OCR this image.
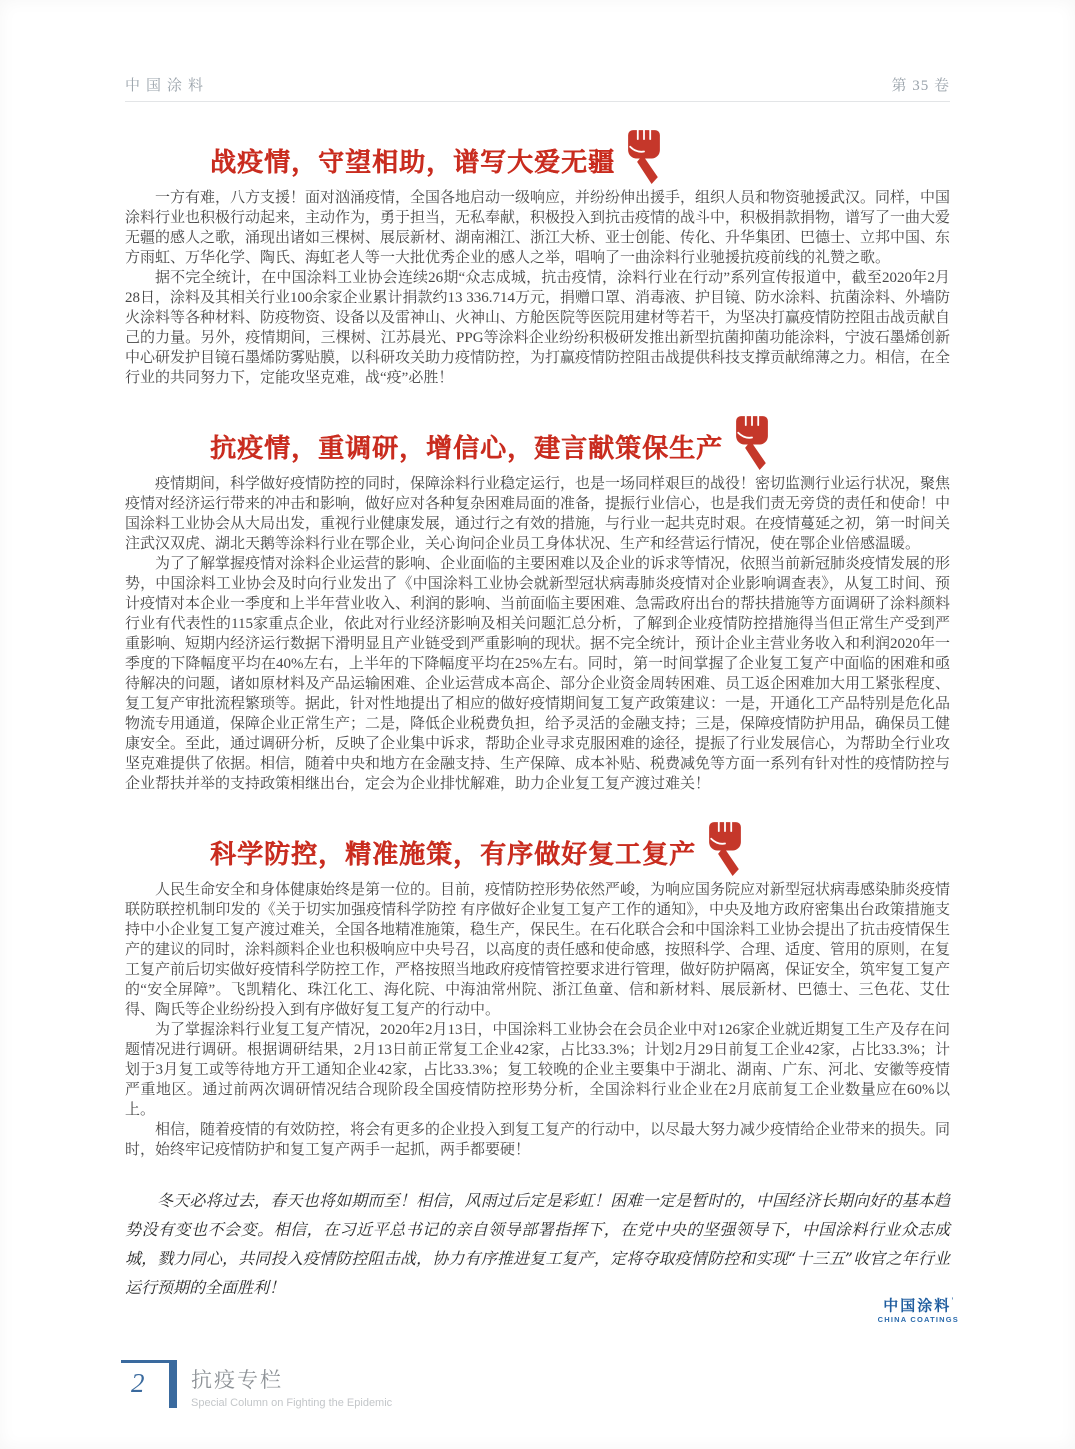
中国涂料	第 35 卷
战疫情，守望相助，谱写大爱无疆

一方有难，八方支援！面对汹涌疫情，全国各地启动一级响应，并纷纷伸出援手，组织人员和物资驰援武汉。同样，中国涂料行业也积极行动起来，主动作为，勇于担当，无私奉献，积极投入到抗击疫情的战斗中，积极捐款捐物，谱写了一曲大爱无疆的感人之歌，涌现出诸如三棵树、展辰新材、湖南湘江、浙江大桥、亚士创能、传化、升华集团、巴德士、立邦中国、东方雨虹、万华化学、陶氏、海虹老人等一大批优秀企业的感人之举，唱响了一曲涂料行业驰援抗疫前线的礼赞之歌。

据不完全统计，在中国涂料工业协会连续26期“众志成城，抗击疫情，涂料行业在行动”系列宣传报道中，截至2020年2月28日，涂料及其相关行业100余家企业累计捐款约13 336.714万元，捐赠口罩、消毒液、护目镜、防水涂料、抗菌涂料、外墙防火涂料等各种材料、防疫物资、设备以及雷神山、火神山、方舱医院等医院用建材等若干，为坚决打赢疫情防控阻击战贡献自己的力量。另外，疫情期间，三棵树、江苏晨光、PPG等涂料企业纷纷积极研发推出新型抗菌抑菌功能涂料，宁波石墨烯创新中心研发护目镜石墨烯防雾贴膜，以科研攻关助力疫情防控，为打赢疫情防控阻击战提供科技支撑贡献绵薄之力。相信，在全行业的共同努力下，定能攻坚克难，战“疫”必胜！

抗疫情，重调研，增信心，建言献策保生产

疫情期间，科学做好疫情防控的同时，保障涂料行业稳定运行，也是一场同样艰巨的战役！密切监测行业运行状况，聚焦疫情对经济运行带来的冲击和影响，做好应对各种复杂困难局面的准备，提振行业信心，也是我们责无旁贷的责任和使命！中国涂料工业协会从大局出发，重视行业健康发展，通过行之有效的措施，与行业一起共克时艰。在疫情蔓延之初，第一时间关注武汉双虎、湖北天鹅等涂料行业在鄂企业，关心询问企业员工身体状况、生产和经营运行情况，使在鄂企业倍感温暖。

为了了解掌握疫情对涂料企业运营的影响、企业面临的主要困难以及企业的诉求等情况，依照当前新冠肺炎疫情发展的形势，中国涂料工业协会及时向行业发出了《中国涂料工业协会就新型冠状病毒肺炎疫情对企业影响调查表》，从复工时间、预计疫情对本企业一季度和上半年营业收入、利润的影响、当前面临主要困难、急需政府出台的帮扶措施等方面调研了涂料颜料行业有代表性的115家重点企业，依此对行业经济影响及相关问题汇总分析，了解到企业疫情防控措施得当但正常生产受到严重影响、短期内经济运行数据下滑明显且产业链受到严重影响的现状。据不完全统计，预计企业主营业务收入和利润2020年一季度的下降幅度平均在40%左右，上半年的下降幅度平均在25%左右。同时，第一时间掌握了企业复工复产中面临的困难和亟待解决的问题，诸如原材料及产品运输困难、企业运营成本高企、部分企业资金周转困难、员工返企困难加大用工紧张程度、复工复产审批流程繁琐等。据此，针对性地提出了相应的做好疫情期间复工复产政策建议：一是，开通化工产品特别是危化品物流专用通道，保障企业正常生产；二是，降低企业税费负担，给予灵活的金融支持；三是，保障疫情防护用品，确保员工健康安全。至此，通过调研分析，反映了企业集中诉求，帮助企业寻求克服困难的途径，提振了行业发展信心，为帮助全行业攻坚克难提供了依据。相信，随着中央和地方在金融支持、生产保障、成本补贴、税费减免等方面一系列有针对性的疫情防控与企业帮扶并举的支持政策相继出台，定会为企业排忧解难，助力企业复工复产渡过难关！

科学防控，精准施策，有序做好复工复产

人民生命安全和身体健康始终是第一位的。目前，疫情防控形势依然严峻，为响应国务院应对新型冠状病毒感染肺炎疫情联防联控机制印发的《关于切实加强疫情科学防控 有序做好企业复工复产工作的通知》，中央及地方政府密集出台政策措施支持中小企业复工复产渡过难关，全国各地精准施策，稳生产，保民生。在石化联合会和中国涂料工业协会提出了抗击疫情保生产的建议的同时，涂料颜料企业也积极响应中央号召，以高度的责任感和使命感，按照科学、合理、适度、管用的原则，在复工复产前后切实做好疫情科学防控工作，严格按照当地政府疫情管控要求进行管理，做好防护隔离，保证安全，筑牢复工复产的“安全屏障”。飞凯精化、珠江化工、海化院、中海油常州院、浙江鱼童、信和新材料、展辰新材、巴德士、三色花、艾仕得、陶氏等企业纷纷投入到有序做好复工复产的行动中。

为了掌握涂料行业复工复产情况，2020年2月13日，中国涂料工业协会在会员企业中对126家企业就近期复工生产及存在问题情况进行调研。根据调研结果，2月13日前正常复工企业42家，占比33.3%；计划2月29日前复工企业42家，占比33.3%；计划于3月复工或等待地方开工通知企业42家，占比33.3%；复工较晚的企业主要集中于湖北、湖南、广东、河北、安徽等疫情严重地区。通过前两次调研情况结合现阶段全国疫情防控形势分析，全国涂料行业企业在2月底前复工企业数量应在60%以上。

相信，随着疫情的有效防控，将会有更多的企业投入到复工复产的行动中，以尽最大努力减少疫情给企业带来的损失。同时，始终牢记疫情防护和复工复产两手一起抓，两手都要硬！

冬天必将过去，春天也将如期而至！相信，风雨过后定是彩虹！困难一定是暂时的，中国经济长期向好的基本趋势没有变也不会变。相信，在习近平总书记的亲自领导部署指挥下，在党中央的坚强领导下，中国涂料行业众志成城，戮力同心，共同投入疫情防控阻击战，协力有序推进复工复产，定将夺取疫情防控和实现“十三五”收官之年行业运行预期的全面胜利！

中国涂料’
CHINA COATINGS
2 抗疫专栏
Special Column on Fighting the Epidemic
